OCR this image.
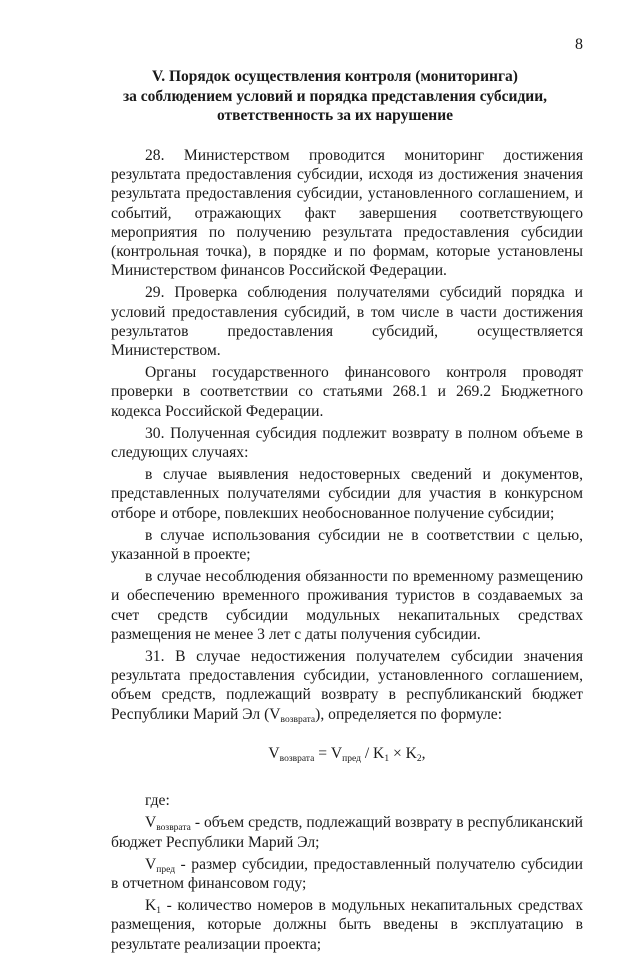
8
V. Порядок осуществления контроля (мониторинга)
за соблюдением условий и порядка представления субсидии,
ответственность за их нарушение

28. Министерством проводится мониторинг достижения результата предоставления субсидии, исходя из достижения значения результата предоставления субсидии, установленного соглашением, и событий, отражающих факт завершения соответствующего мероприятия по получению результата предоставления субсидии (контрольная точка), в порядке и по формам, которые установлены Министерством финансов Российской Федерации.

29. Проверка соблюдения получателями субсидий порядка и условий предоставления субсидий, в том числе в части достижения результатов предоставления субсидий, осуществляется Министерством.

Органы государственного финансового контроля проводят проверки в соответствии со статьями 268.1 и 269.2 Бюджетного кодекса Российской Федерации.

30. Полученная субсидия подлежит возврату в полном объеме в следующих случаях:

в случае выявления недостоверных сведений и документов, представленных получателями субсидии для участия в конкурсном отборе и отборе, повлекших необоснованное получение субсидии;

в случае использования субсидии не в соответствии с целью, указанной в проекте;

в случае несоблюдения обязанности по временному размещению и обеспечению временного проживания туристов в создаваемых за счет средств субсидии модульных некапитальных средствах размещения не менее 3 лет с даты получения субсидии.

31. В случае недостижения получателем субсидии значения результата предоставления субсидии, установленного соглашением, объем средств, подлежащий возврату в республиканский бюджет Республики Марий Эл $(V_{возврата})$, определяется по формуле:

$V_{возврата} = V_{пред} / K_1 \times K_2$,

где:

$V_{возврата}$ - объем средств, подлежащий возврату в республиканский бюджет Республики Марий Эл;

$V_{пред}$ - размер субсидии, предоставленный получателю субсидии в отчетном финансовом году;

$K_1$ - количество номеров в модульных некапитальных средствах размещения, которые должны быть введены в эксплуатацию в результате реализации проекта;
